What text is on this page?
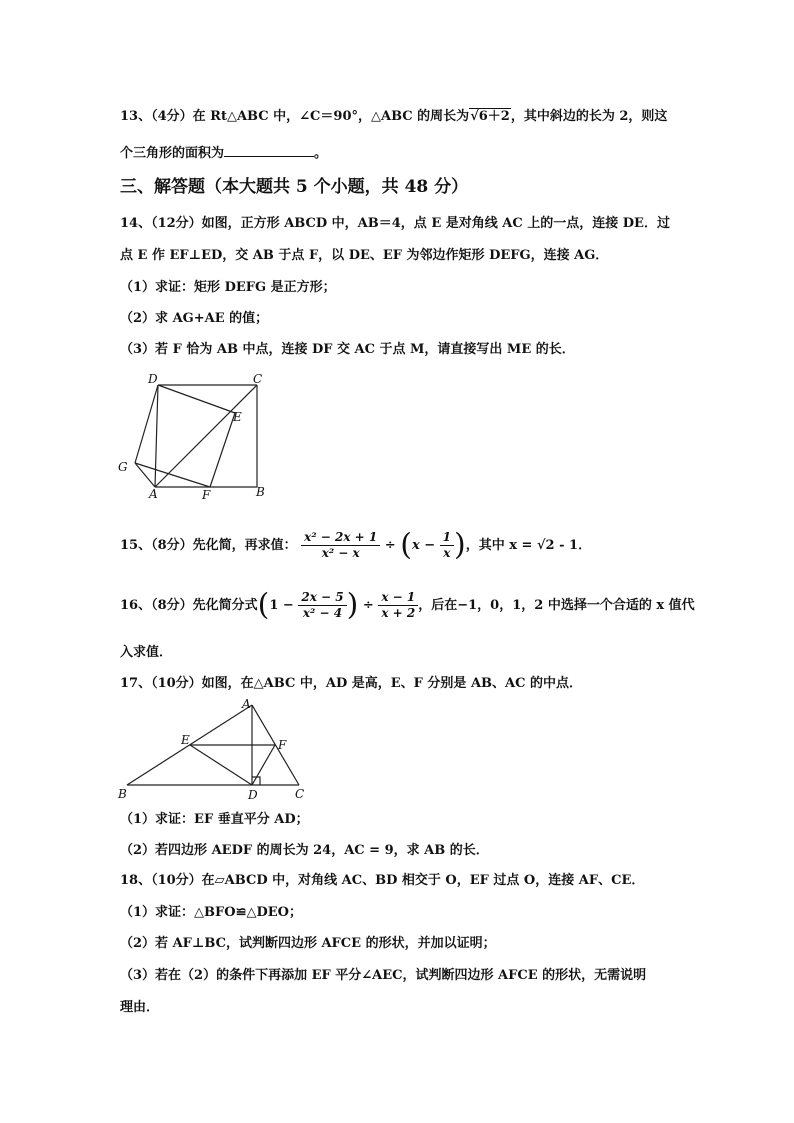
13、（4分）在 Rt△ABC 中，∠C＝90°，△ABC 的周长为√6＋2，其中斜边的长为 2，则这
个三角形的面积为	。
三、解答题（本大题共 5 个小题，共 48 分）
14、（12分）如图，正方形 ABCD 中，AB＝4，点 E 是对角线 AC 上的一点，连接 DE．过
点 E 作 EF⊥ED，交 AB 于点 F，以 DE、EF 为邻边作矩形 DEFG，连接 AG．
（1）求证：矩形 DEFG 是正方形；
（2）求 AG+AE 的值；
（3）若 F 恰为 AB 中点，连接 DF 交 AC 于点 M，请直接写出 ME 的长．
D	C
E
G
A	F	B
15、（8分）先化简，再求值： $\frac{\text{x² − 2x + 1}}{\text{x² − x}} \div (x - \frac{1}{x}$ )，其中 x = √2 - 1．
16、（8分）先化简分式($1 - \frac{2x - 5}{\text{x² − 4}}$ ) ÷ $\frac{x - 1}{x + 2}$ ，后在−1，0，1，2 中选择一个合适的 x 值代
入求值．
17、（10分）如图，在△ABC 中，AD 是高，E、F 分别是 AB、AC 的中点．
A
E	F
B	D	C
（1）求证：EF 垂直平分 AD；
（2）若四边形 AEDF 的周长为 24，AC = 9，求 AB 的长．
18、（10分）在▱ABCD 中，对角线 AC、BD 相交于 O，EF 过点 O，连接 AF、CE．
（1）求证：△BFO≌△DEO；
（2）若 AF⊥BC，试判断四边形 AFCE 的形状，并加以证明；
（3）若在（2）的条件下再添加 EF 平分∠AEC，试判断四边形 AFCE 的形状，无需说明
理由．
